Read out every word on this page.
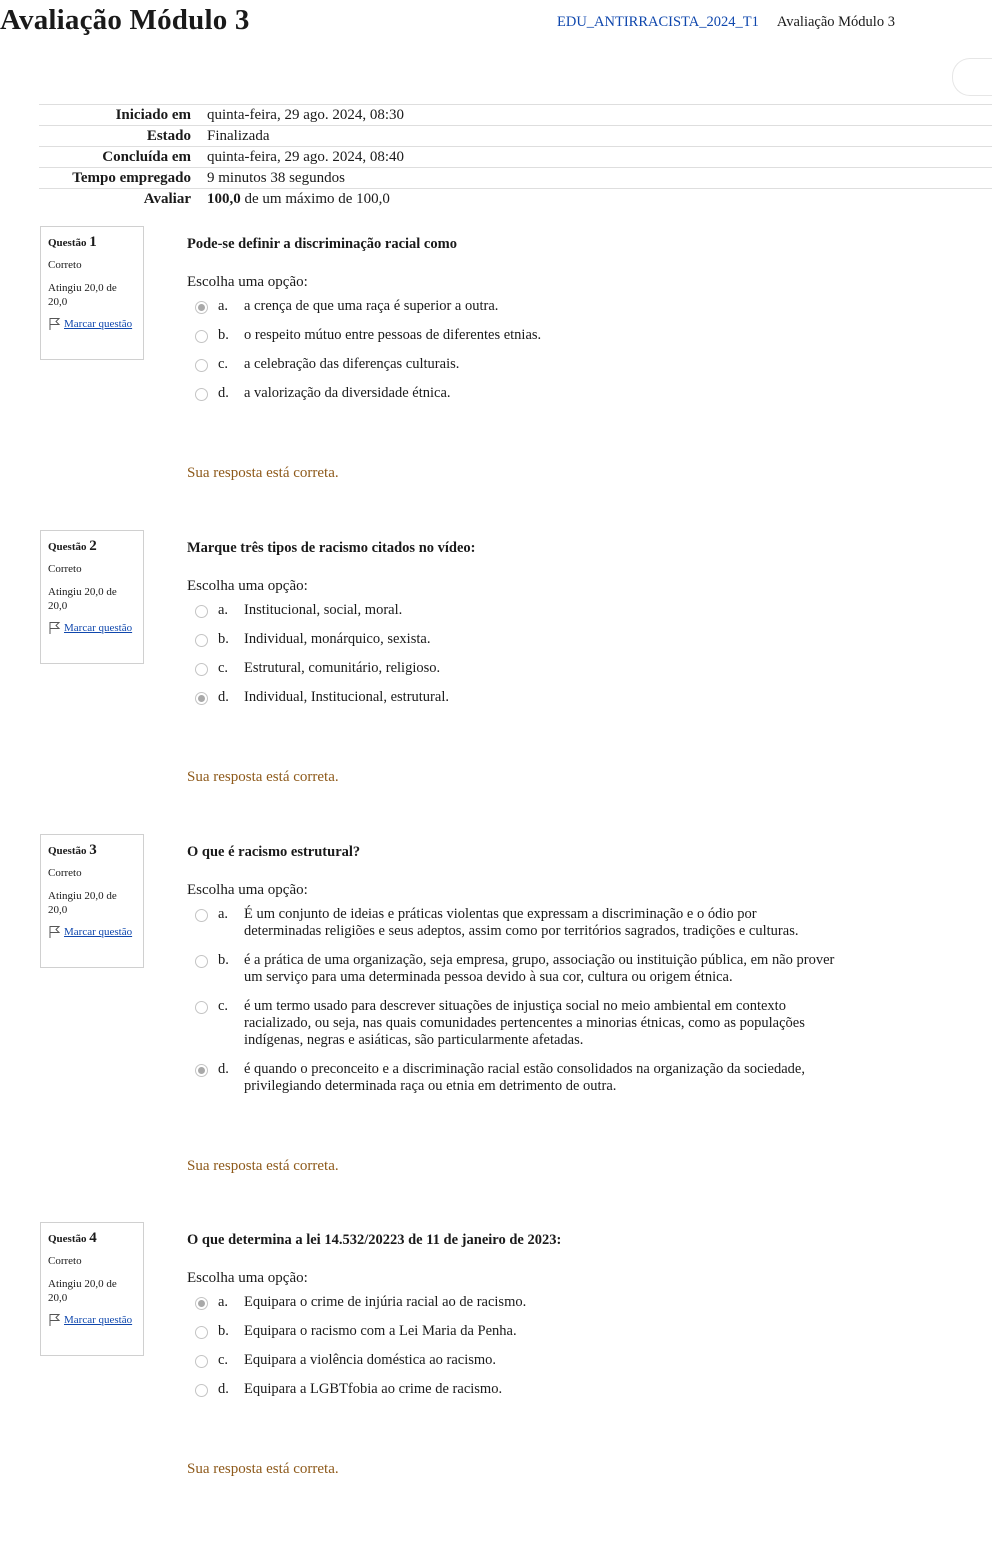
Avaliação Módulo 3	EDU_ANTIRRACISTA_2024_T1 Avaliação Módulo 3
Iniciado em	quinta-feira, 29 ago. 2024, 08:30
Estado	Finalizada
Concluída em	quinta-feira, 29 ago. 2024, 08:40
Tempo empregado	9 minutos 38 segundos
Avaliar	100,0 de um máximo de 100,0
Questão 1
Correto
Atingiu 20,0 de 20,0
Marcar questão
Pode-se definir a discriminação racial como
Escolha uma opção:
a.	a crença de que uma raça é superior a outra.
b.	o respeito mútuo entre pessoas de diferentes etnias.
c.	a celebração das diferenças culturais.
d.	a valorização da diversidade étnica.
Sua resposta está correta.
Questão 2
Correto
Atingiu 20,0 de 20,0
Marcar questão
Marque três tipos de racismo citados no vídeo:
Escolha uma opção:
a.	Institucional, social, moral.
b.	Individual, monárquico, sexista.
c.	Estrutural, comunitário, religioso.
d.	Individual, Institucional, estrutural.
Sua resposta está correta.
Questão 3
Correto
Atingiu 20,0 de 20,0
Marcar questão
O que é racismo estrutural?
Escolha uma opção:
a.	É um conjunto de ideias e práticas violentas que expressam a discriminação e o ódio por determinadas religiões e seus adeptos, assim como por territórios sagrados, tradições e culturas.
b.	é a prática de uma organização, seja empresa, grupo, associação ou instituição pública, em não prover um serviço para uma determinada pessoa devido à sua cor, cultura ou origem étnica.
c.	é um termo usado para descrever situações de injustiça social no meio ambiental em contexto racializado, ou seja, nas quais comunidades pertencentes a minorias étnicas, como as populações indígenas, negras e asiáticas, são particularmente afetadas.
d.	é quando o preconceito e a discriminação racial estão consolidados na organização da sociedade, privilegiando determinada raça ou etnia em detrimento de outra.
Sua resposta está correta.
Questão 4
Correto
Atingiu 20,0 de 20,0
Marcar questão
O que determina a lei 14.532/20223 de 11 de janeiro de 2023:
Escolha uma opção:
a.	Equipara o crime de injúria racial ao de racismo.
b.	Equipara o racismo com a Lei Maria da Penha.
c.	Equipara a violência doméstica ao racismo.
d.	Equipara a LGBTfobia ao crime de racismo.
Sua resposta está correta.
